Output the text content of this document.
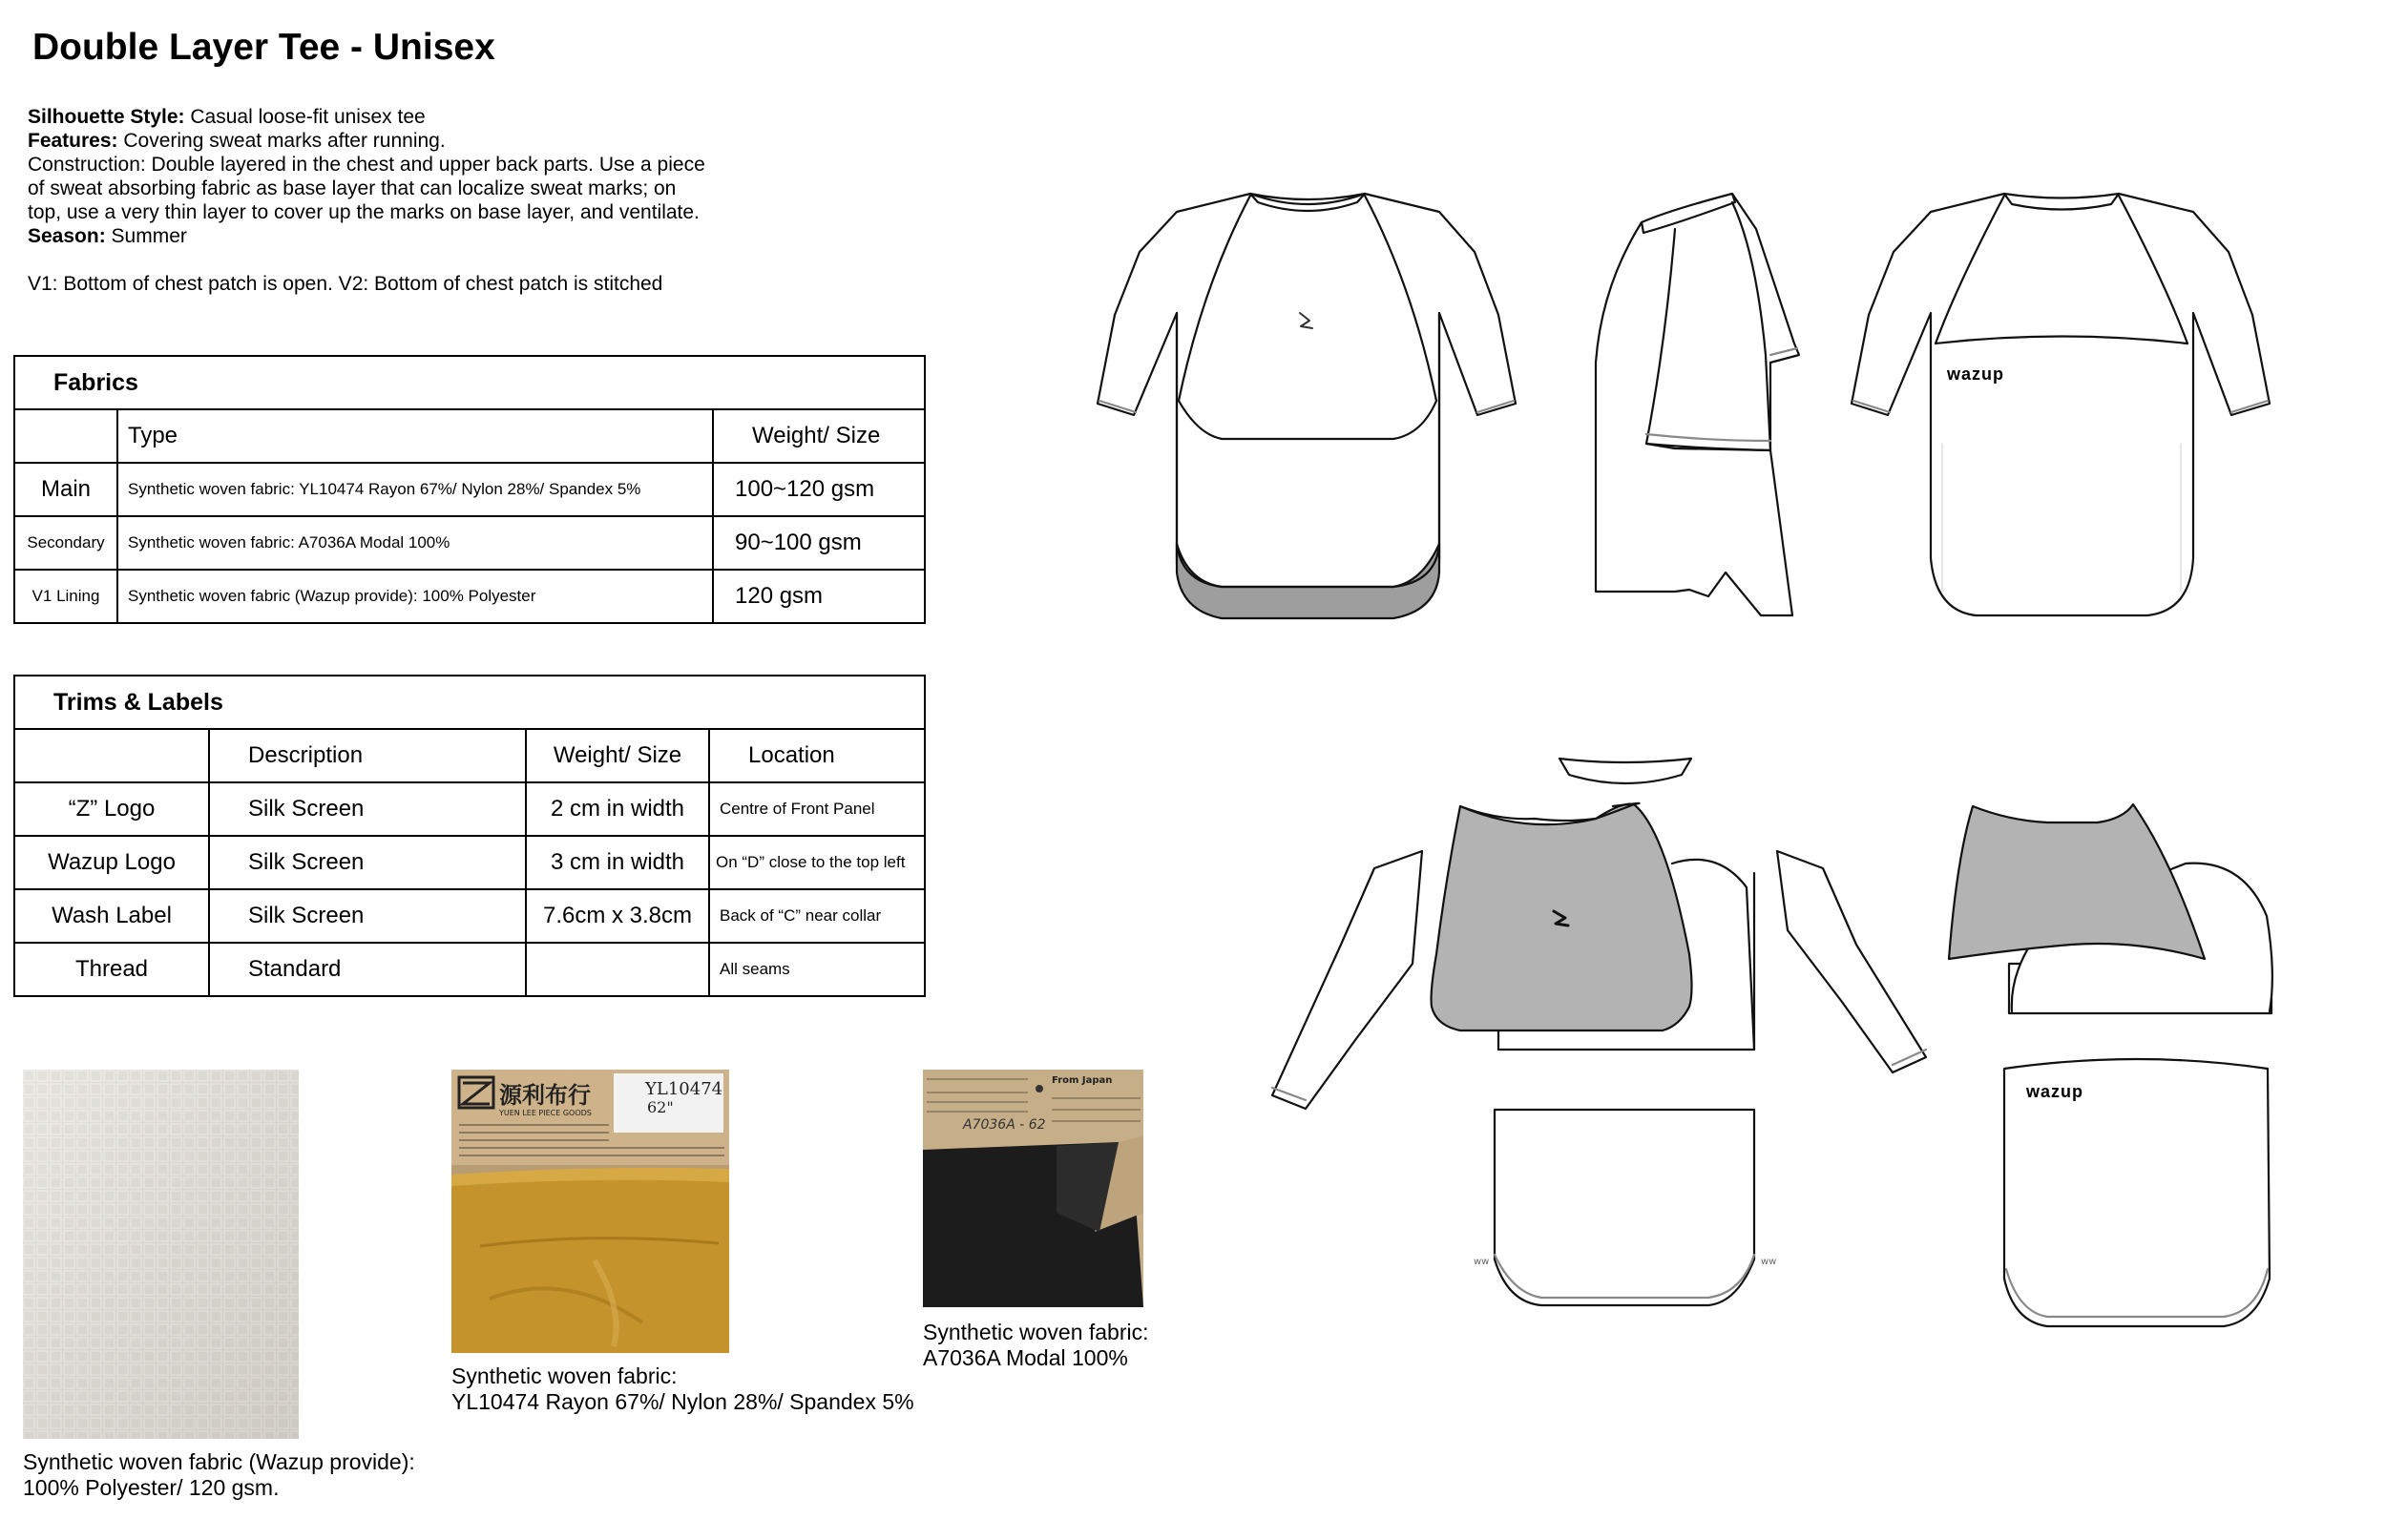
Double Layer Tee - Unisex
Silhouette Style: Casual loose-fit unisex tee
Features: Covering sweat marks after running.
Construction: Double layered in the chest and upper back parts. Use a piece of sweat absorbing fabric as base layer that can localize sweat marks; on top, use a very thin layer to cover up the marks on base layer, and ventilate.
Season: Summer
V1: Bottom of chest patch is open. V2: Bottom of chest patch is stitched
Fabrics		
	Type	Weight/ Size
Main	Synthetic woven fabric: YL10474 Rayon 67%/ Nylon 28%/ Spandex 5%	100~120 gsm
Secondary	Synthetic woven fabric: A7036A Modal 100%	90~100 gsm
V1 Lining	Synthetic woven fabric (Wazup provide): 100% Polyester	120 gsm
Trims & Labels			
	Description	Weight/ Size	Location
“Z” Logo	Silk Screen	2 cm in width	Centre of Front Panel
Wazup Logo	Silk Screen	3 cm in width	On “D” close to the top left
Wash Label	Silk Screen	7.6cm x 3.8cm	Back of “C” near collar
Thread	Standard		All seams
Synthetic woven fabric (Wazup provide):
100% Polyester/ 120 gsm.
源利布行
YUEN LEE PIECE GOODS
YL10474
62"
Synthetic woven fabric:
YL10474 Rayon 67%/ Nylon 28%/ Spandex 5%
From Japan
A7036A - 62
Synthetic woven fabric:
A7036A Modal 100%
ww	ww
wazup
wazup
